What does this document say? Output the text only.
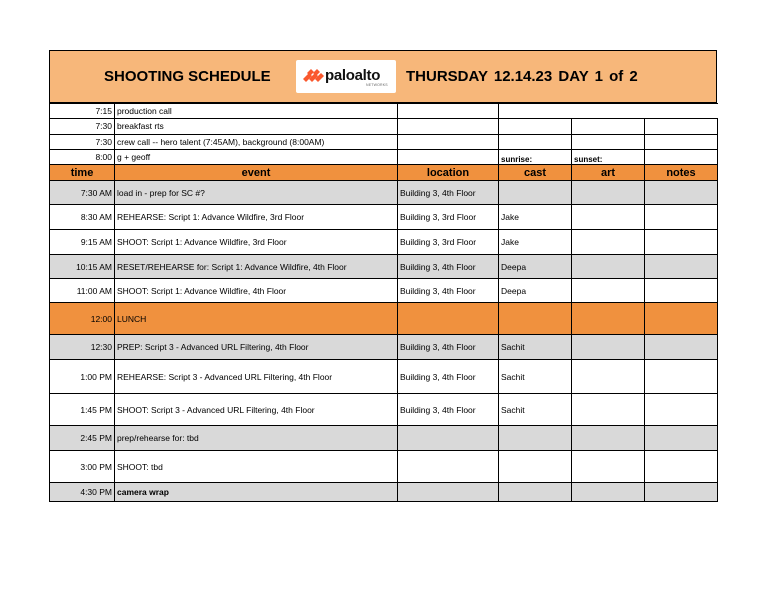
SHOOTING SCHEDULE	paloalto
NETWORKS THURSDAY 12.14.23 DAY 1 of 2
7:15	production call				
7:30	breakfast rts				
7:30	crew call -- hero talent (7:45AM), background (8:00AM)				
8:00	g + geoff		sunrise:	sunset:	
time	event	location	cast	art	notes
7:30 AM	load in - prep for SC #?	Building 3, 4th Floor			
8:30 AM	REHEARSE: Script 1: Advance Wildfire, 3rd Floor	Building 3, 3rd Floor	Jake		
9:15 AM	SHOOT: Script 1: Advance Wildfire, 3rd Floor	Building 3, 3rd Floor	Jake		
10:15 AM	RESET/REHEARSE for: Script 1: Advance Wildfire, 4th Floor	Building 3, 4th Floor	Deepa		
11:00 AM	SHOOT: Script 1: Advance Wildfire, 4th Floor	Building 3, 4th Floor	Deepa		
12:00	LUNCH				
12:30	PREP: Script 3 - Advanced URL Filtering, 4th Floor	Building 3, 4th Floor	Sachit		
1:00 PM	REHEARSE: Script 3 - Advanced URL Filtering, 4th Floor	Building 3, 4th Floor	Sachit		
1:45 PM	SHOOT: Script 3 - Advanced URL Filtering, 4th Floor	Building 3, 4th Floor	Sachit		
2:45 PM	prep/rehearse for: tbd				
3:00 PM	SHOOT: tbd				
4:30 PM	camera wrap				
